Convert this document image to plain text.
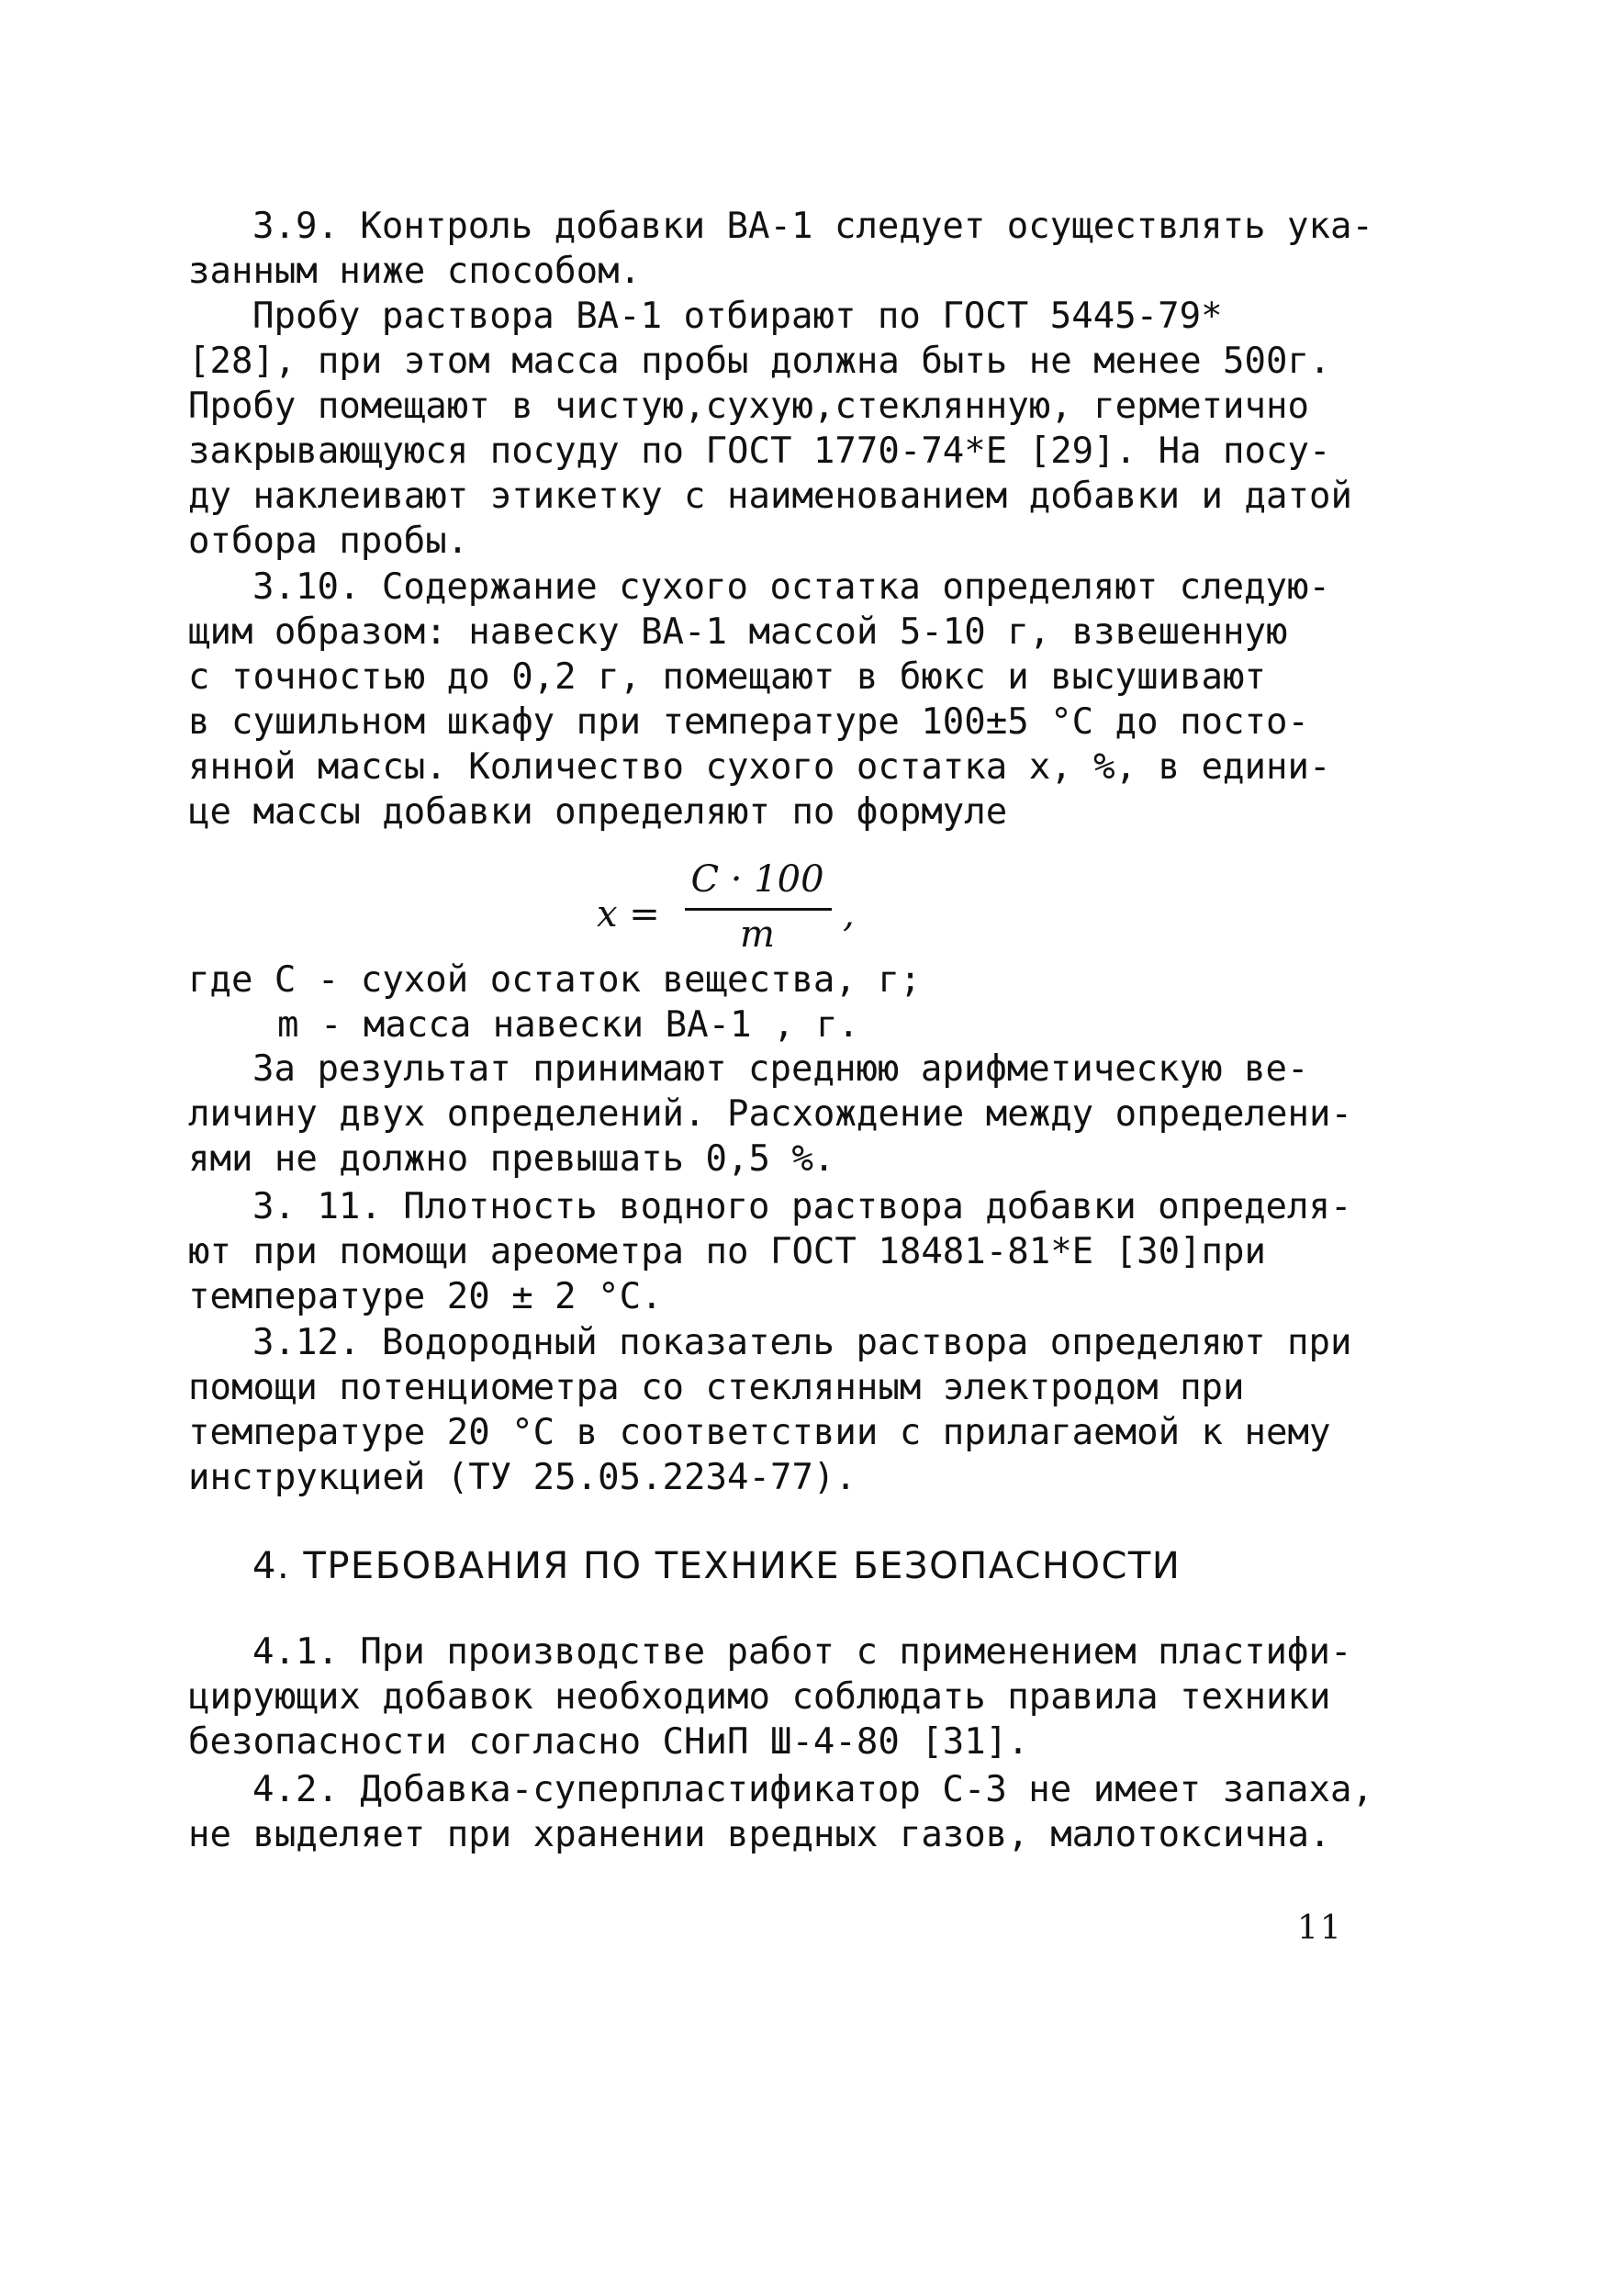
3.9. Контроль добавки ВА-1 следует осуществлять ука-
занным ниже способом.
Пробу раствора ВА-1 отбирают по ГОСТ 5445-79*
[28], при этом масса пробы должна быть не менее 500г.
Пробу помещают в чистую,сухую,стеклянную, герметично
закрывающуюся посуду по ГОСТ 1770-74*Е [29]. На посу-
ду наклеивают этикетку с наименованием добавки и датой
отбора пробы.
3.10. Содержание сухого остатка определяют следую-
щим образом: навеску ВА-1 массой 5-10 г, взвешенную
с точностью до 0,2 г, помещают в бюкс и высушивают
в сушильном шкафу при температуре 100±5 °С до посто-
янной массы. Количество сухого остатка x, %, в едини-
це массы добавки определяют по формуле
x =
C · 100
m	,
где C - сухой остаток вещества, г;
m - масса навески ВА-1 , г.
За результат принимают среднюю арифметическую ве-
личину двух определений. Расхождение между определени-
ями не должно превышать 0,5 %.
3. 11. Плотность водного раствора добавки определя-
ют при помощи ареометра по ГОСТ 18481-81*Е [30]при
температуре 20 ± 2 °С.
3.12. Водородный показатель раствора определяют при
помощи потенциометра со стеклянным электродом при
температуре 20 °С в соответствии с прилагаемой к нему
инструкцией (ТУ 25.05.2234-77).
4. ТРЕБОВАНИЯ ПО ТЕХНИКЕ БЕЗОПАСНОСТИ
4.1. При производстве работ с применением пластифи-
цирующих добавок необходимо соблюдать правила техники
безопасности согласно СНиП Ш-4-80 [31].
4.2. Добавка-суперпластификатор С-3 не имеет запаха,
не выделяет при хранении вредных газов, малотоксична.
11
